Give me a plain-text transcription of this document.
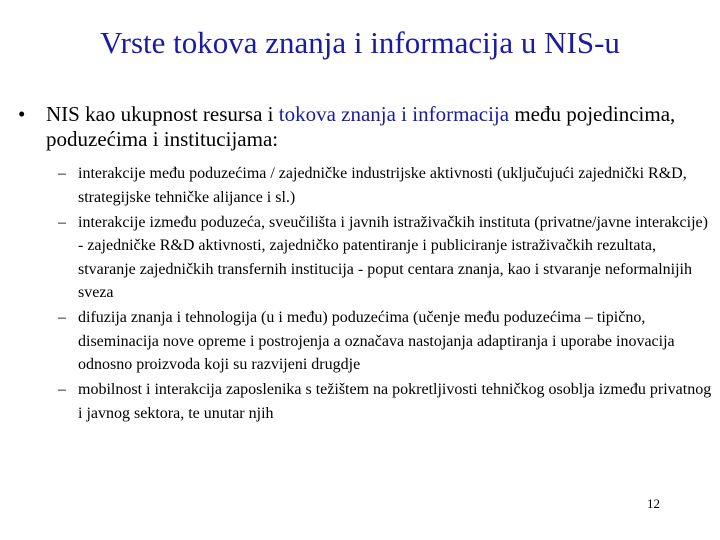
Vrste tokova znanja i informacija u NIS-u
• NIS kao ukupnost resursa i tokova znanja i informacija među pojedincima, poduzećima i institucijama:
– interakcije među poduzećima / zajedničke industrijske aktivnosti (uključujući zajednički R&D, strategijske tehničke alijance i sl.)
– interakcije između poduzeća, sveučilišta i javnih istraživačkih instituta (privatne/javne interakcije) - zajedničke R&D aktivnosti, zajedničko patentiranje i publiciranje istraživačkih rezultata, stvaranje zajedničkih transfernih institucija - poput centara znanja, kao i stvaranje neformalnijih sveza
– difuzija znanja i tehnologija (u i među) poduzećima (učenje među poduzećima – tipično, diseminacija nove opreme i postrojenja a označava nastojanja adaptiranja i uporabe inovacija odnosno proizvoda koji su razvijeni drugdje
– mobilnost i interakcija zaposlenika s težištem na pokretljivosti tehničkog osoblja između privatnog i javnog sektora, te unutar njih
12
